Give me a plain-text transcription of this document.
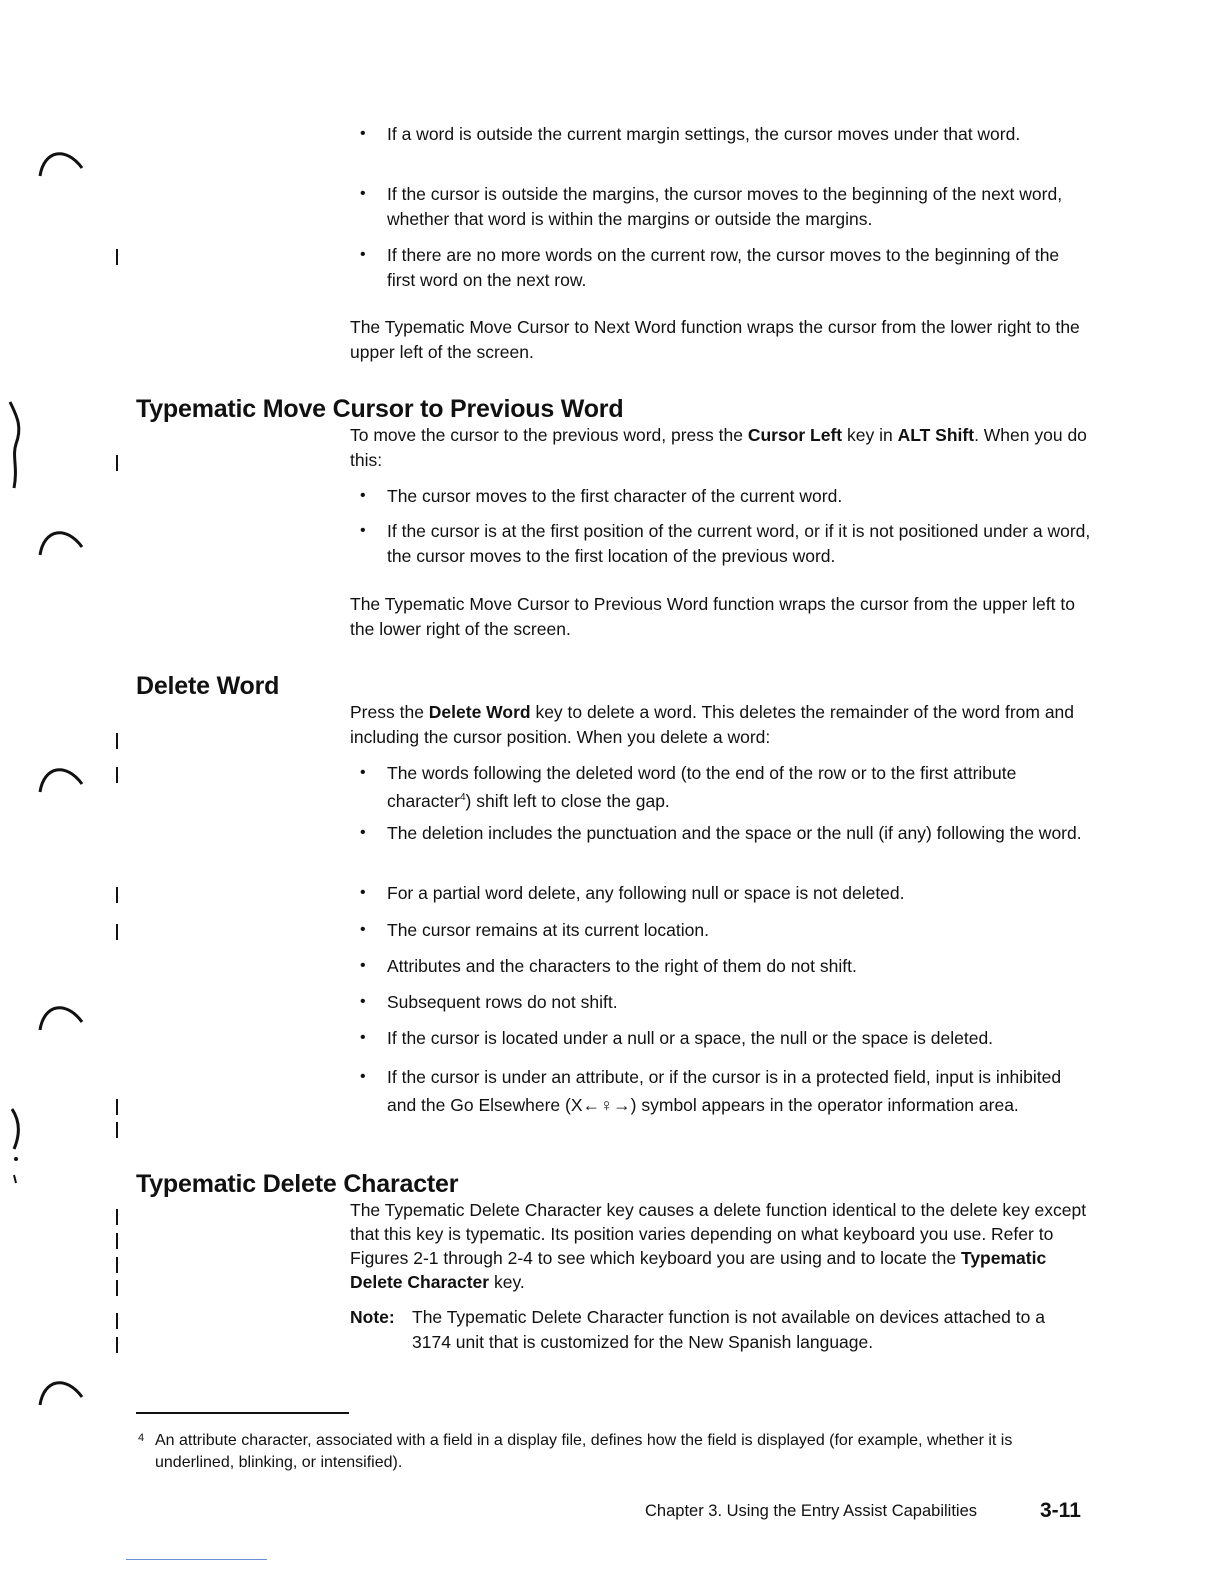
• If a word is outside the current margin settings, the cursor moves under that word.
• If the cursor is outside the margins, the cursor moves to the beginning of the next word, whether that word is within the margins or outside the margins.
• If there are no more words on the current row, the cursor moves to the beginning of the first word on the next row.
The Typematic Move Cursor to Next Word function wraps the cursor from the lower right to the upper left of the screen.
Typematic Move Cursor to Previous Word
To move the cursor to the previous word, press the Cursor Left key in ALT Shift. When you do this:
• The cursor moves to the first character of the current word.
• If the cursor is at the first position of the current word, or if it is not positioned under a word, the cursor moves to the first location of the previous word.
The Typematic Move Cursor to Previous Word function wraps the cursor from the upper left to the lower right of the screen.
Delete Word
Press the Delete Word key to delete a word. This deletes the remainder of the word from and including the cursor position. When you delete a word:
• The words following the deleted word (to the end of the row or to the first attribute character$^4$) shift left to close the gap.
• The deletion includes the punctuation and the space or the null (if any) following the word.
• For a partial word delete, any following null or space is not deleted.
• The cursor remains at its current location.
• Attributes and the characters to the right of them do not shift.
• Subsequent rows do not shift.
• If the cursor is located under a null or a space, the null or the space is deleted.
• If the cursor is under an attribute, or if the cursor is in a protected field, input is inhibited and the Go Elsewhere (X←♀→) symbol appears in the operator information area.
Typematic Delete Character
The Typematic Delete Character key causes a delete function identical to the delete key except that this key is typematic. Its position varies depending on what keyboard you use. Refer to Figures 2-1 through 2-4 to see which keyboard you are using and to locate the Typematic Delete Character key.
Note: The Typematic Delete Character function is not available on devices attached to a 3174 unit that is customized for the New Spanish language.
4 An attribute character, associated with a field in a display file, defines how the field is displayed (for example, whether it is underlined, blinking, or intensified).
Chapter 3. Using the Entry Assist Capabilities	3-11
